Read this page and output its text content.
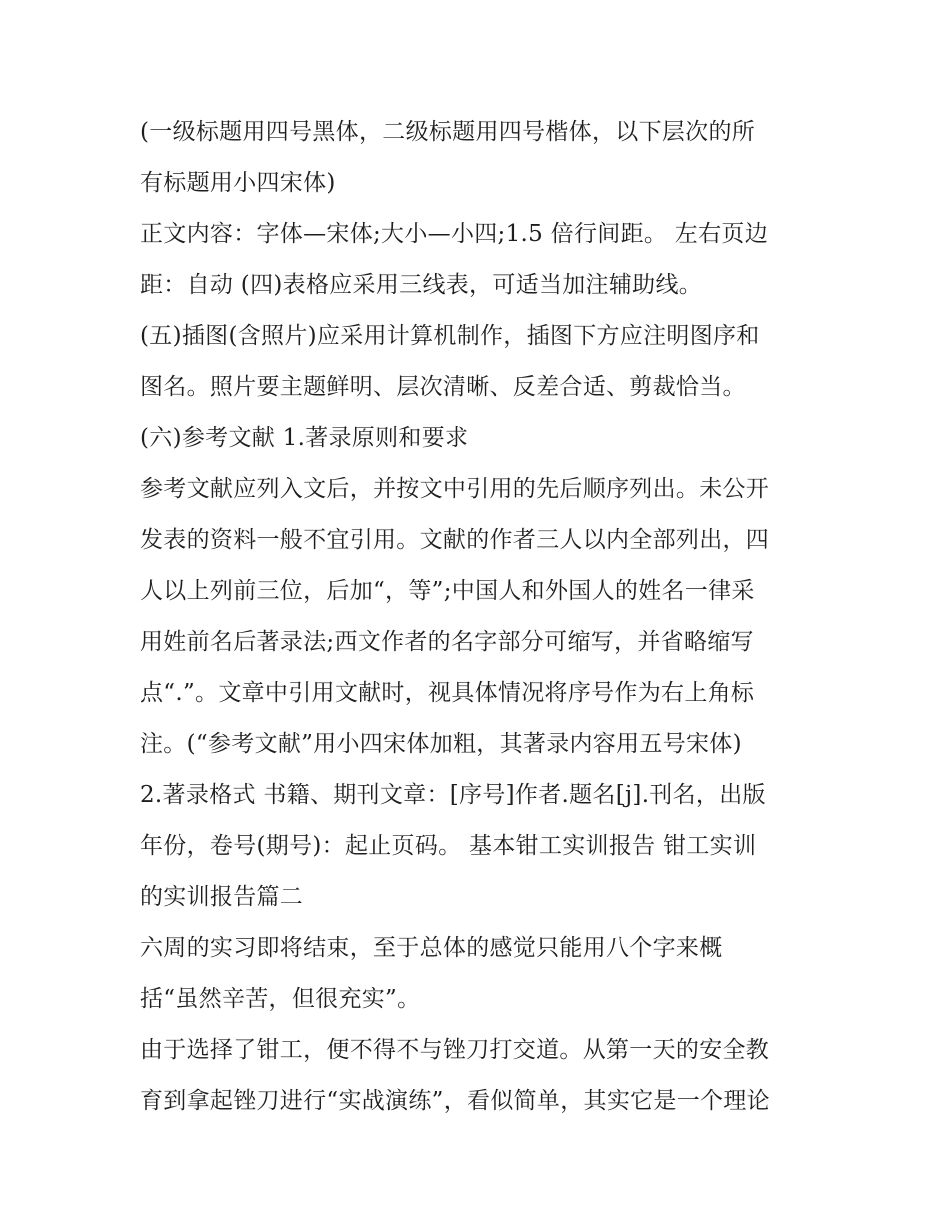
(一级标题用四号黑体，二级标题用四号楷体，以下层次的所
有标题用小四宋体)
正文内容：字体—宋体;大小—小四;1.5 倍行间距。 左右页边
距：自动 (四)表格应采用三线表，可适当加注辅助线。
(五)插图(含照片)应采用计算机制作，插图下方应注明图序和
图名。照片要主题鲜明、层次清晰、反差合适、剪裁恰当。
(六)参考文献 1.著录原则和要求
参考文献应列入文后，并按文中引用的先后顺序列出。未公开
发表的资料一般不宜引用。文献的作者三人以内全部列出，四
人以上列前三位，后加“，等”;中国人和外国人的姓名一律采
用姓前名后著录法;西文作者的名字部分可缩写，并省略缩写
点“.”。文章中引用文献时，视具体情况将序号作为右上角标
注。(“参考文献”用小四宋体加粗，其著录内容用五号宋体)
2.著录格式 书籍、期刊文章：[序号]作者.题名[j].刊名，出版
年份，卷号(期号)：起止页码。 基本钳工实训报告 钳工实训
的实训报告篇二
六周的实习即将结束，至于总体的感觉只能用八个字来概
括“虽然辛苦，但很充实”。
由于选择了钳工，便不得不与锉刀打交道。从第一天的安全教
育到拿起锉刀进行“实战演练”，看似简单，其实它是一个理论
